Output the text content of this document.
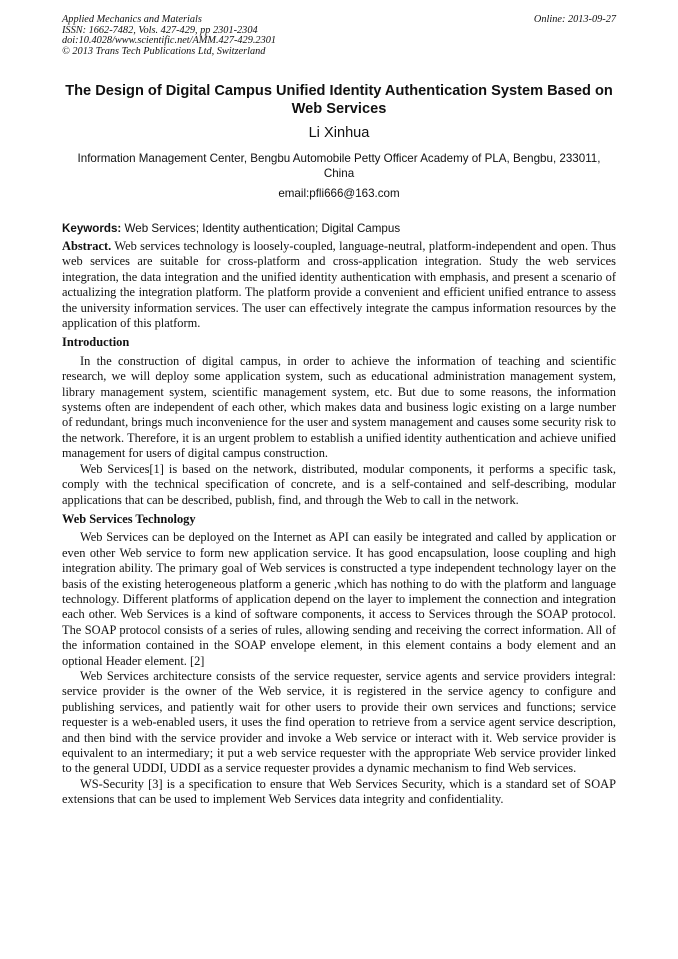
Applied Mechanics and Materials
ISSN: 1662-7482, Vols. 427-429, pp 2301-2304
doi:10.4028/www.scientific.net/AMM.427-429.2301
© 2013 Trans Tech Publications Ltd, Switzerland
Online: 2013-09-27
The Design of Digital Campus Unified Identity Authentication System Based on Web Services
Li Xinhua
Information Management Center, Bengbu Automobile Petty Officer Academy of PLA, Bengbu, 233011, China
email:pfli666@163.com
Keywords: Web Services; Identity authentication; Digital Campus

Abstract. Web services technology is loosely-coupled, language-neutral, platform-independent and open. Thus web services are suitable for cross-platform and cross-application integration. Study the web services integration, the data integration and the unified identity authentication with emphasis, and present a scenario of actualizing the integration platform. The platform provide a convenient and efficient unified entrance to assess the university information services. The user can effectively integrate the campus information resources by the application of this platform.

Introduction

In the construction of digital campus, in order to achieve the information of teaching and scientific research, we will deploy some application system, such as educational administration management system, library management system, scientific management system, etc. But due to some reasons, the information systems often are independent of each other, which makes data and business logic existing on a large number of redundant, brings much inconvenience for the user and system management and causes some security risk to the network. Therefore, it is an urgent problem to establish a unified identity authentication and achieve unified management for users of digital campus construction.

Web Services[1] is based on the network, distributed, modular components, it performs a specific task, comply with the technical specification of concrete, and is a self-contained and self-describing, modular applications that can be described, publish, find, and through the Web to call in the network.

Web Services Technology

Web Services can be deployed on the Internet as API can easily be integrated and called by application or even other Web service to form new application service. It has good encapsulation, loose coupling and high integration ability. The primary goal of Web services is constructed a type independent technology layer on the basis of the existing heterogeneous platform a generic ,which has nothing to do with the platform and language technology. Different platforms of application depend on the layer to implement the connection and integration each other. Web Services is a kind of software components, it access to Services through the SOAP protocol. The SOAP protocol consists of a series of rules, allowing sending and receiving the correct information. All of the information contained in the SOAP envelope element, in this element contains a body element and an optional Header element. [2]

Web Services architecture consists of the service requester, service agents and service providers integral: service provider is the owner of the Web service, it is registered in the service agency to configure and publishing services, and patiently wait for other users to provide their own services and functions; service requester is a web-enabled users, it uses the find operation to retrieve from a service agent service description, and then bind with the service provider and invoke a Web service or interact with it. Web service provider is equivalent to an intermediary; it put a web service requester with the appropriate Web service provider linked to the general UDDI, UDDI as a service requester provides a dynamic mechanism to find Web services.

WS-Security [3] is a specification to ensure that Web Services Security, which is a standard set of SOAP extensions that can be used to implement Web Services data integrity and confidentiality.
